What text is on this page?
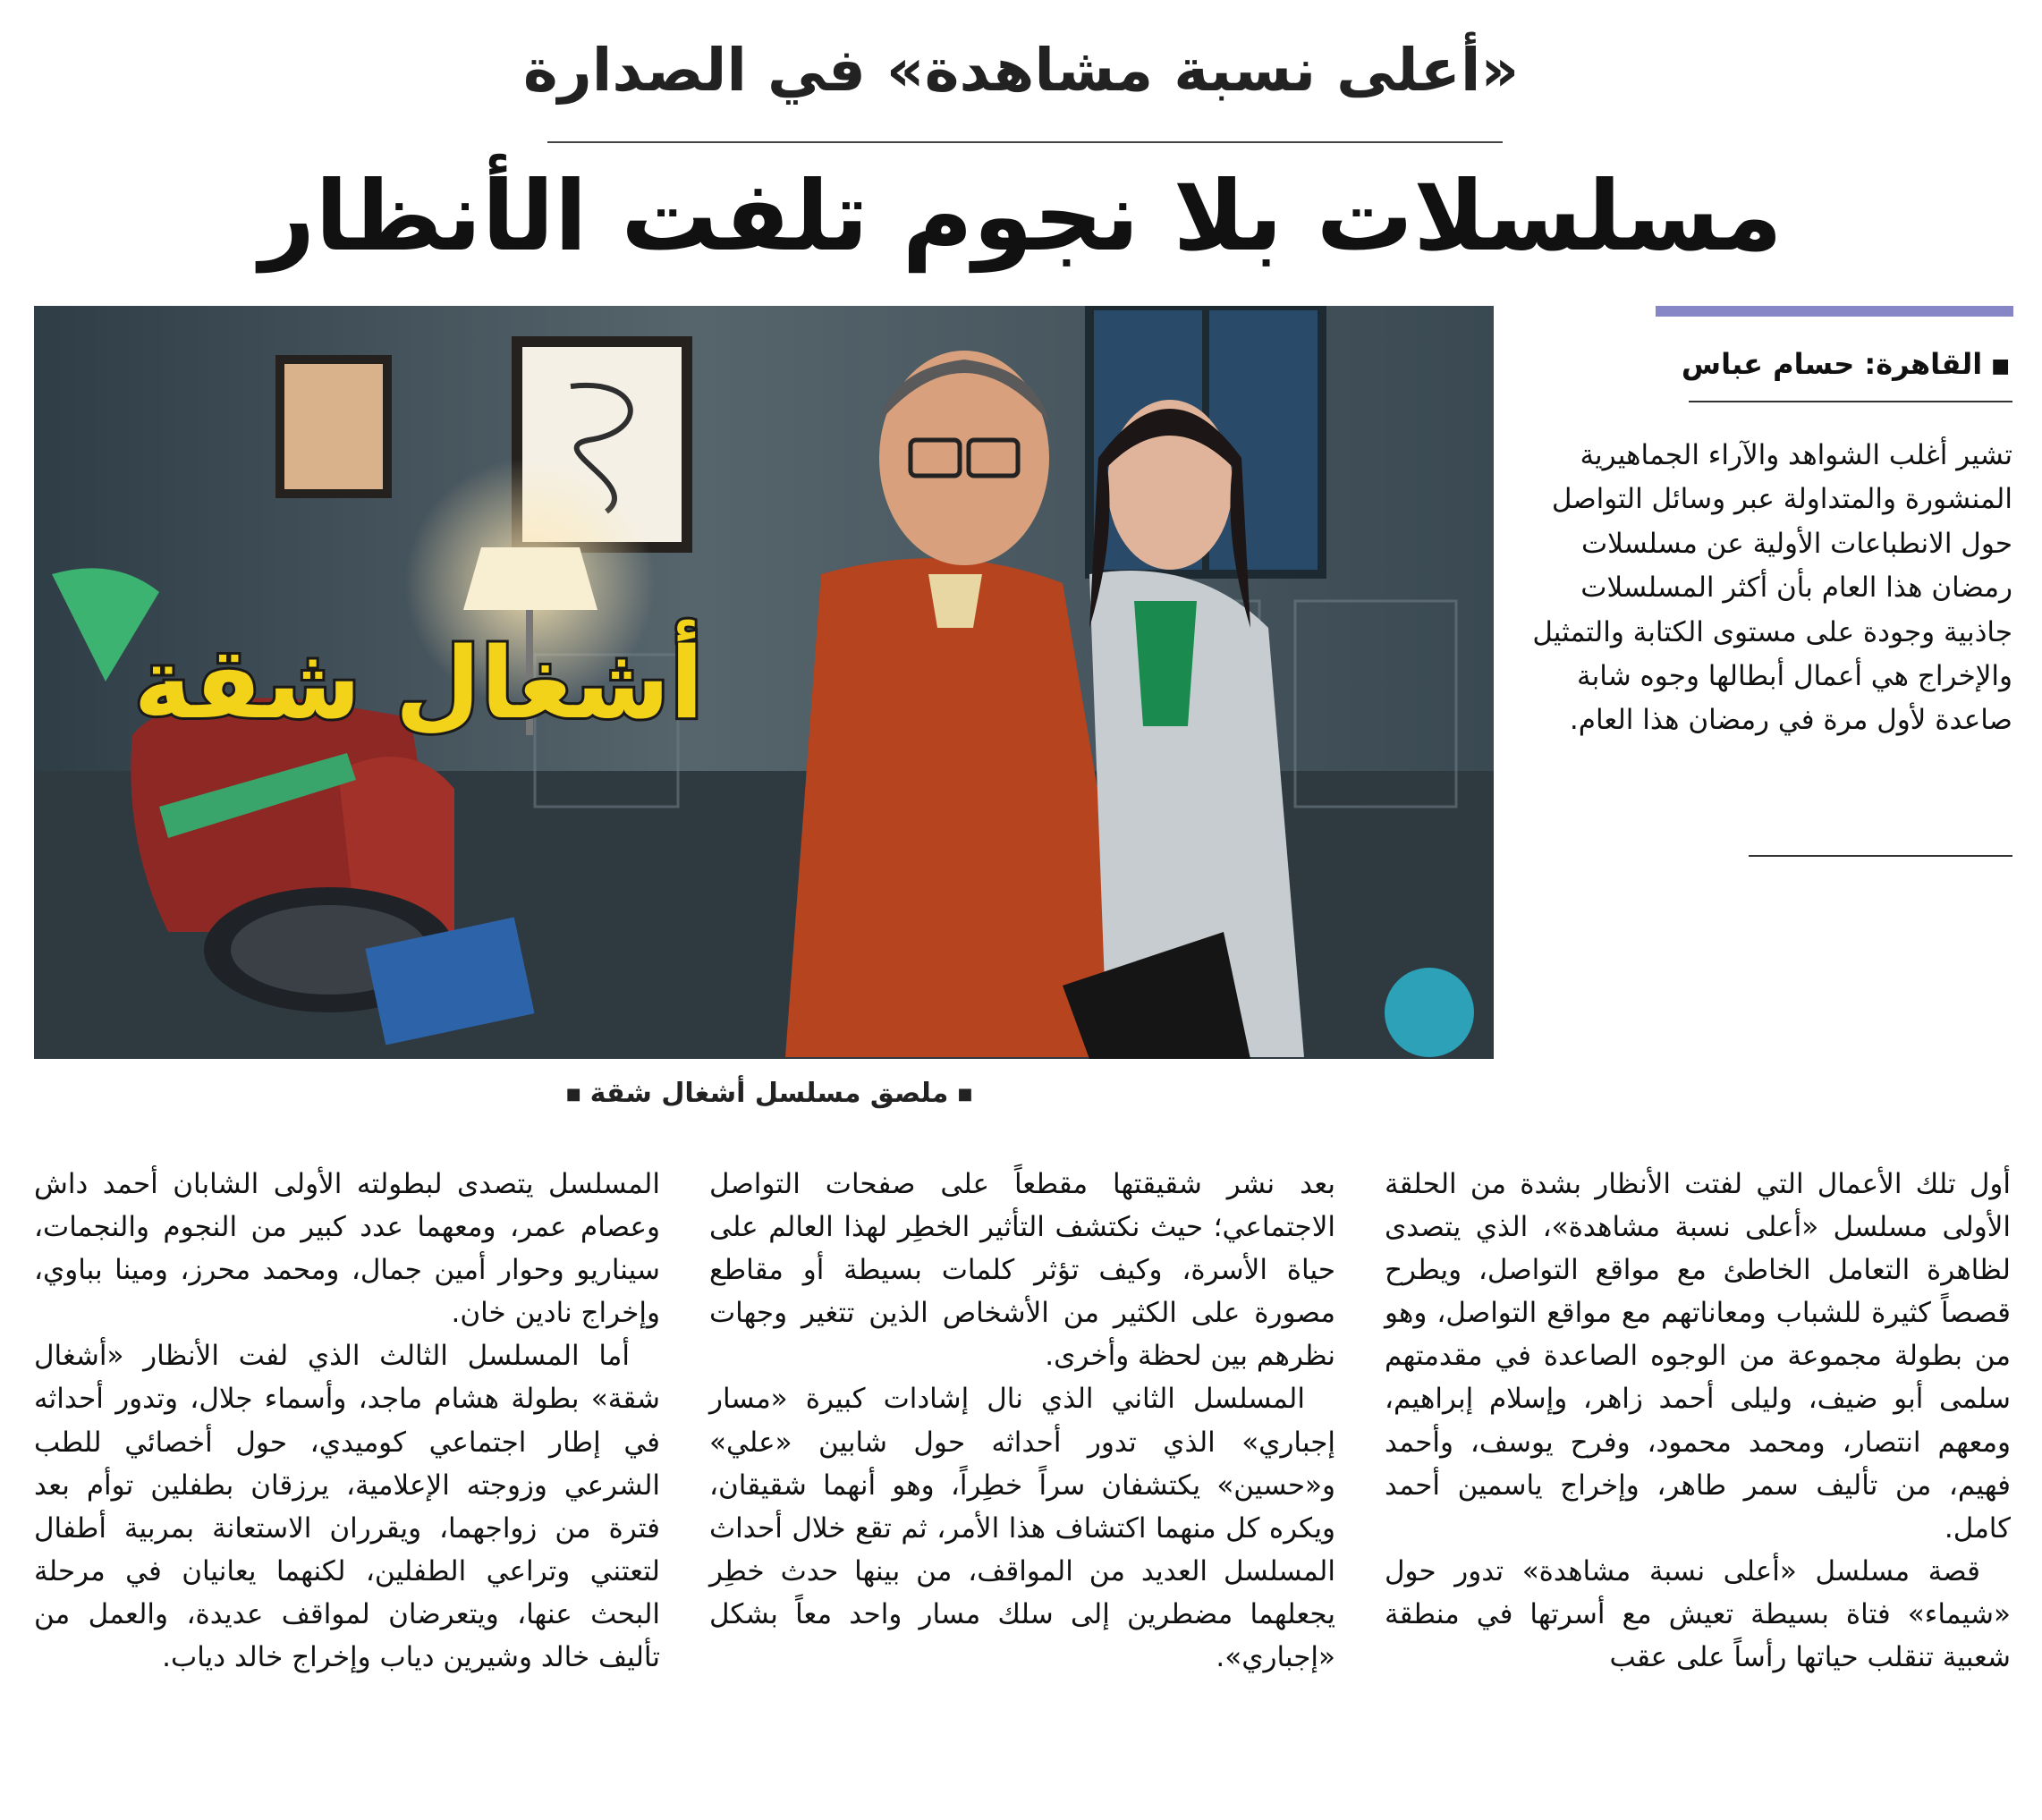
«أعلى نسبة مشاهدة» في الصدارة
مسلسلات بلا نجوم تلفت الأنظار
أشغال شقة
■ملصق مسلسل أشغال شقة■
■القاهرة: حسام عباس
تشير أغلب الشواهد والآراء الجماهيرية المنشورة والمتداولة عبر وسائل التواصل حول الانطباعات الأولية عن مسلسلات رمضان هذا العام بأن أكثر المسلسلات جاذبية وجودة على مستوى الكتابة والتمثيل والإخراج هي أعمال أبطالها وجوه شابة صاعدة لأول مرة في رمضان هذا العام.

أول تلك الأعمال التي لفتت الأنظار بشدة من الحلقة الأولى مسلسل «أعلى نسبة مشاهدة»، الذي يتصدى لظاهرة التعامل الخاطئ مع مواقع التواصل، ويطرح قصصاً كثيرة للشباب ومعاناتهم مع مواقع التواصل، وهو من بطولة مجموعة من الوجوه الصاعدة في مقدمتهم سلمى أبو ضيف، وليلى أحمد زاهر، وإسلام إبراهيم، ومعهم انتصار، ومحمد محمود، وفرح يوسف، وأحمد فهيم، من تأليف سمر طاهر، وإخراج ياسمين أحمد كامل.

قصة مسلسل «أعلى نسبة مشاهدة» تدور حول «شيماء» فتاة بسيطة تعيش مع أسرتها في منطقة شعبية تنقلب حياتها رأساً على عقب

بعد نشر شقيقتها مقطعاً على صفحات التواصل الاجتماعي؛ حيث نكتشف التأثير الخطِر لهذا العالم على حياة الأسرة، وكيف تؤثر كلمات بسيطة أو مقاطع مصورة على الكثير من الأشخاص الذين تتغير وجهات نظرهم بين لحظة وأخرى.

المسلسل الثاني الذي نال إشادات كبيرة «مسار إجباري» الذي تدور أحداثه حول شابين «علي» و«حسين» يكتشفان سراً خطِراً، وهو أنهما شقيقان، ويكره كل منهما اكتشاف هذا الأمر، ثم تقع خلال أحداث المسلسل العديد من المواقف، من بينها حدث خطِر يجعلهما مضطرين إلى سلك مسار واحد معاً بشكل «إجباري».

المسلسل يتصدى لبطولته الأولى الشابان أحمد داش وعصام عمر، ومعهما عدد كبير من النجوم والنجمات، سيناريو وحوار أمين جمال، ومحمد محرز، ومينا بباوي، وإخراج نادين خان.

أما المسلسل الثالث الذي لفت الأنظار «أشغال شقة» بطولة هشام ماجد، وأسماء جلال، وتدور أحداثه في إطار اجتماعي كوميدي، حول أخصائي للطب الشرعي وزوجته الإعلامية، يرزقان بطفلين توأم بعد فترة من زواجهما، ويقرران الاستعانة بمربية أطفال لتعتني وتراعي الطفلين، لكنهما يعانيان في مرحلة البحث عنها، ويتعرضان لمواقف عديدة، والعمل من تأليف خالد وشيرين دياب وإخراج خالد دياب.
